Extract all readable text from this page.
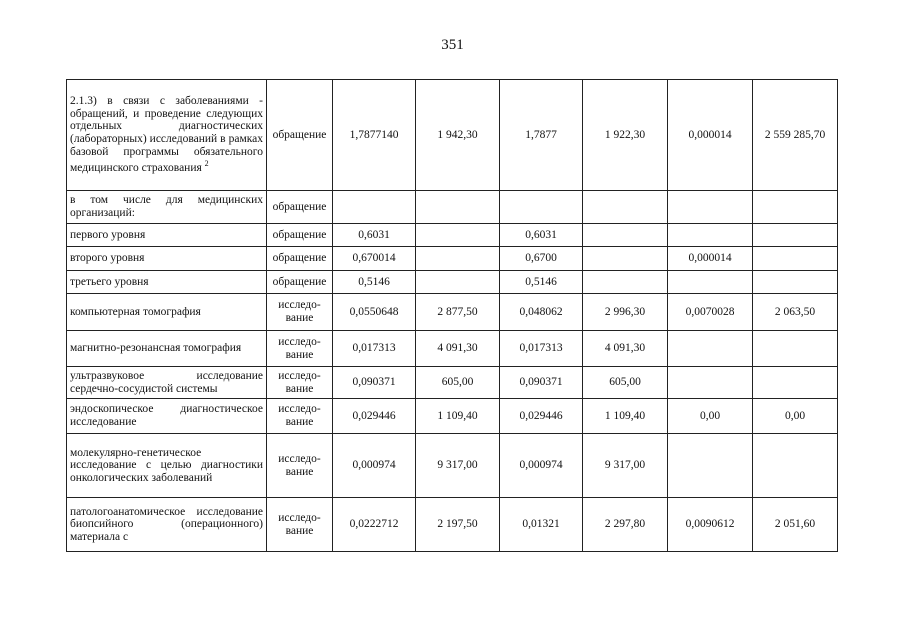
351
2.1.3) в связи с заболеваниями - обращений, и проведение следующих отдельных диагностических (лабораторных) исследований в рамках базовой программы обязательного медицинского страхования $^2$	обращение	1,7877140	1 942,30	1,7877	1 922,30	0,000014	2 559 285,70
в том числе для медицинских организаций:	обращение						
первого уровня	обращение	0,6031		0,6031			
второго уровня	обращение	0,670014		0,6700		0,000014	
третьего уровня	обращение	0,5146		0,5146			
компьютерная томография	исследо-вание	0,0550648	2 877,50	0,048062	2 996,30	0,0070028	2 063,50
магнитно-резонансная томография	исследо-вание	0,017313	4 091,30	0,017313	4 091,30		
ультразвуковое исследование сердечно-сосудистой системы	исследо-вание	0,090371	605,00	0,090371	605,00		
эндоскопическое диагностическое исследование	исследо-вание	0,029446	1 109,40	0,029446	1 109,40	0,00	0,00
молекулярно-генетическое исследование с целью диагностики онкологических заболеваний	исследо-вание	0,000974	9 317,00	0,000974	9 317,00		
патологоанатомическое исследование биопсийного (операционного) материала с	исследо-вание	0,0222712	2 197,50	0,01321	2 297,80	0,0090612	2 051,60
